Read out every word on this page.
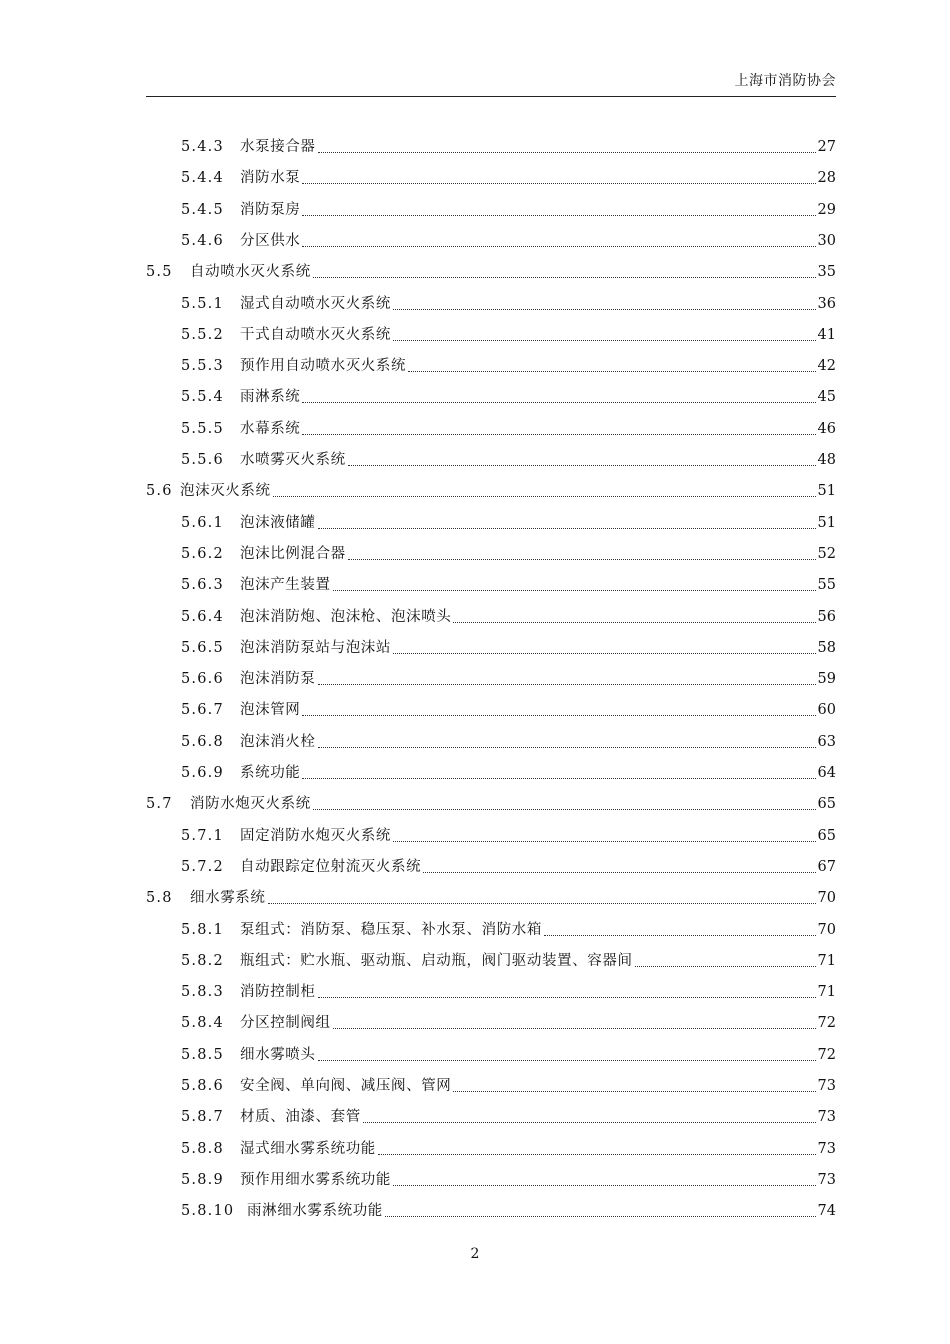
上海市消防协会
5.4.3	水泵接合器	27
5.4.4	消防水泵	28
5.4.5	消防泵房	29
5.4.6	分区供水	30
5.5	自动喷水灭火系统	35
5.5.1	湿式自动喷水灭火系统	36
5.5.2	干式自动喷水灭火系统	41
5.5.3	预作用自动喷水灭火系统	42
5.5.4	雨淋系统	45
5.5.5	水幕系统	46
5.5.6	水喷雾灭火系统	48
5.6 泡沫灭火系统	51
5.6.1	泡沫液储罐	51
5.6.2	泡沫比例混合器	52
5.6.3	泡沫产生装置	55
5.6.4	泡沫消防炮、泡沫枪、泡沫喷头	56
5.6.5	泡沫消防泵站与泡沫站	58
5.6.6	泡沫消防泵	59
5.6.7	泡沫管网	60
5.6.8	泡沫消火栓	63
5.6.9	系统功能	64
5.7	消防水炮灭火系统	65
5.7.1	固定消防水炮灭火系统	65
5.7.2	自动跟踪定位射流灭火系统	67
5.8	细水雾系统	70
5.8.1	泵组式：消防泵、稳压泵、补水泵、消防水箱	70
5.8.2	瓶组式：贮水瓶、驱动瓶、启动瓶，阀门驱动装置、容器间	71
5.8.3	消防控制柜	71
5.8.4	分区控制阀组	72
5.8.5	细水雾喷头	72
5.8.6	安全阀、单向阀、减压阀、管网	73
5.8.7	材质、油漆、套管	73
5.8.8	湿式细水雾系统功能	73
5.8.9	预作用细水雾系统功能	73
5.8.10 雨淋细水雾系统功能	74
2
